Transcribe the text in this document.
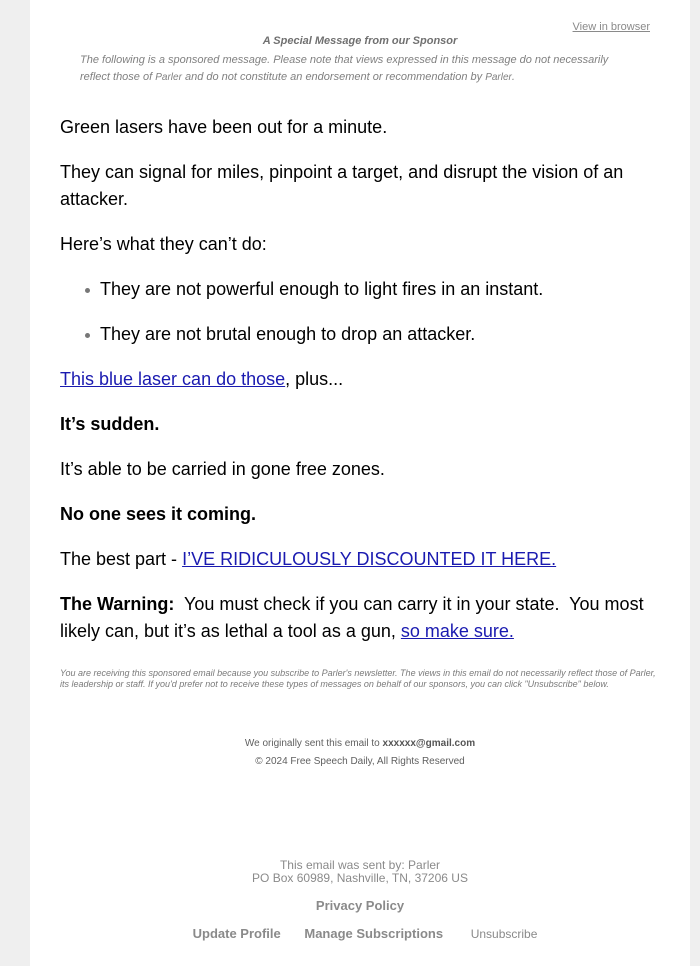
View in browser
A Special Message from our Sponsor
The following is a sponsored message. Please note that views expressed in this message do not necessarily reflect those of Parler and do not constitute an endorsement or recommendation by Parler.

Green lasers have been out for a minute.

They can signal for miles, pinpoint a target, and disrupt the vision of an attacker.

Here’s what they can’t do:

They are not powerful enough to light fires in an instant.
They are not brutal enough to drop an attacker.

This blue laser can do those, plus...

It’s sudden.

It’s able to be carried in gone free zones.

No one sees it coming.

The best part - I’VE RIDICULOUSLY DISCOUNTED IT HERE.

The Warning:  You must check if you can carry it in your state.  You most likely can, but it’s as lethal a tool as a gun, so make sure.

You are receiving this sponsored email because you subscribe to Parler's newsletter. The views in this email do not necessarily reflect those of Parler, its leadership or staff. If you'd prefer not to receive these types of messages on behalf of our sponsors, you can click "Unsubscribe" below.
We originally sent this email to xxxxxx@gmail.com
© 2024 Free Speech Daily, All Rights Reserved
This email was sent by: Parler
PO Box 60989, Nashville, TN, 37206 US
Privacy Policy
Update Profile Manage Subscriptions Unsubscribe
